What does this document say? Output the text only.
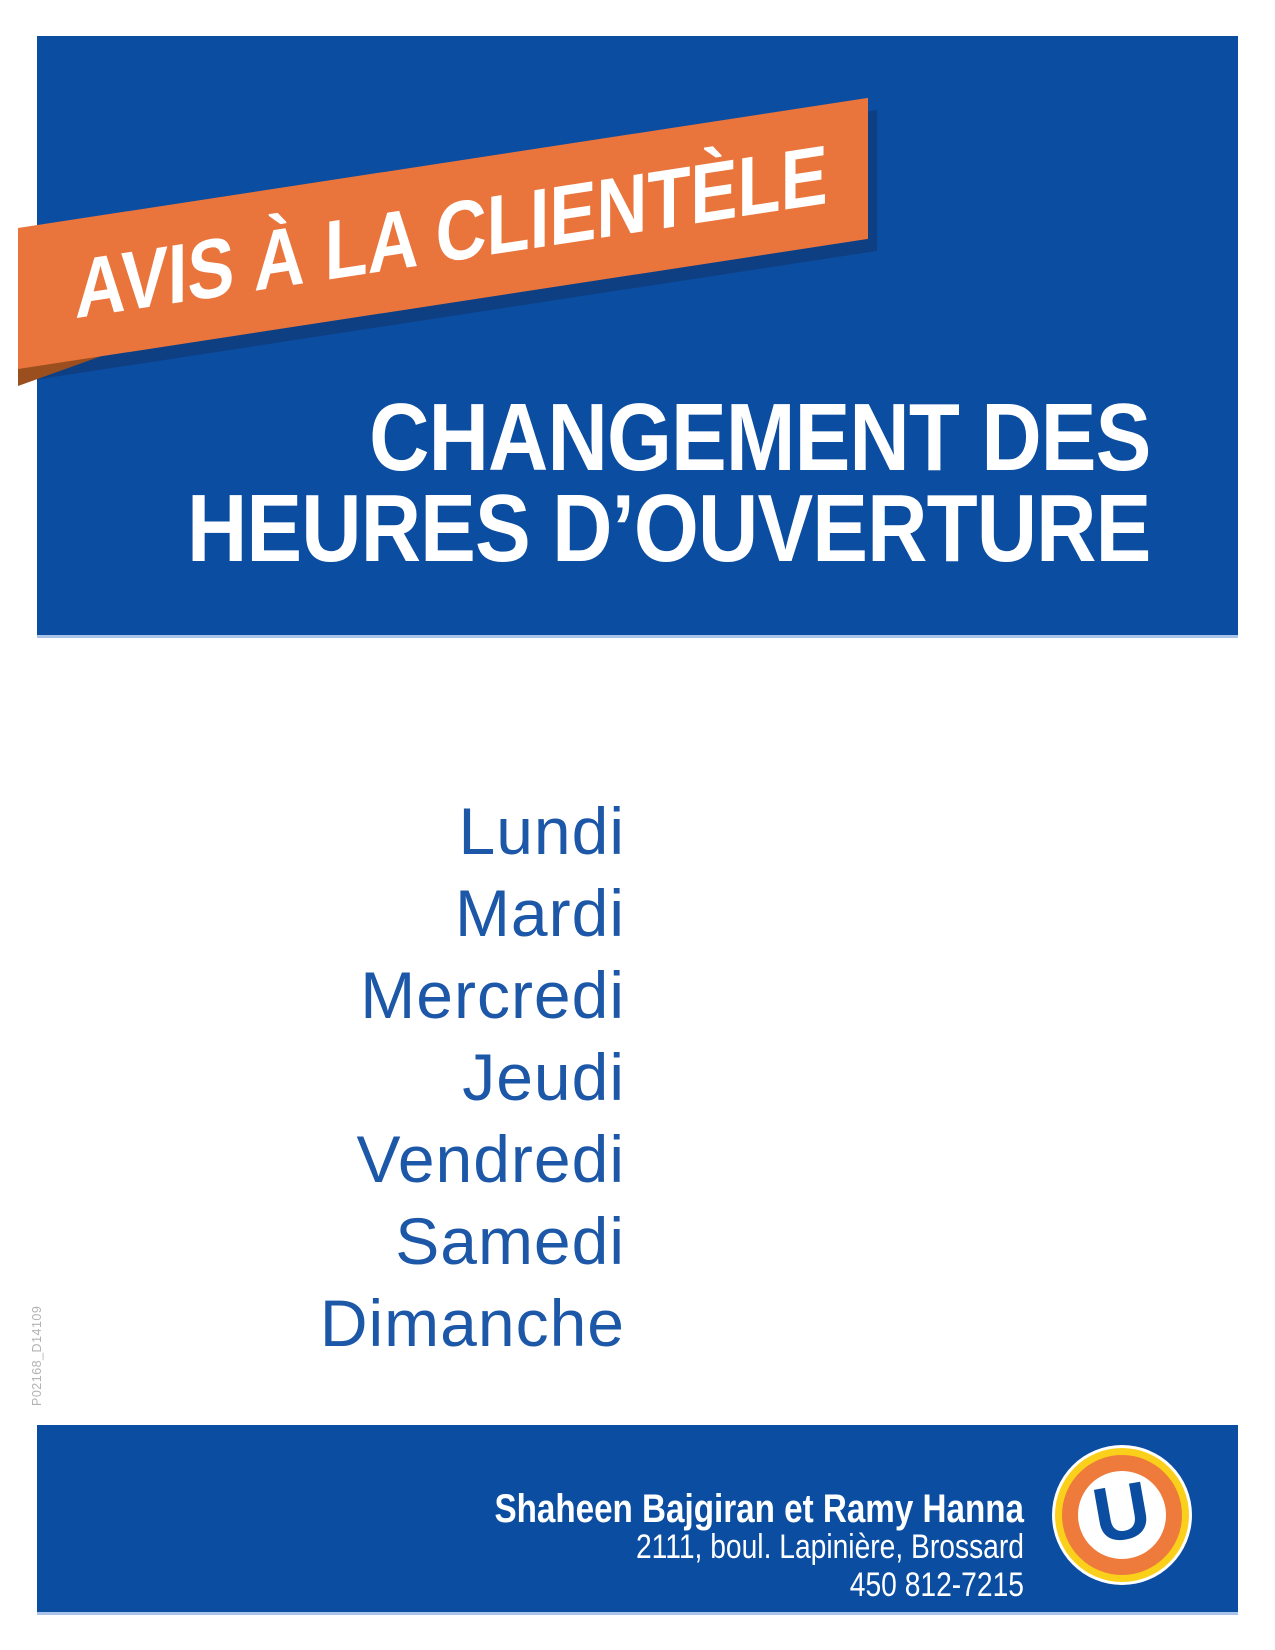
CHANGEMENT DES
HEURES D’OUVERTURE
AVIS À LA CLIENTÈLE
Lundi
Mardi
Mercredi
Jeudi
Vendredi
Samedi
Dimanche
P02168_D14109
Shaheen Bajgiran et Ramy Hanna
2111, boul. Lapinière, Brossard
450 812-7215
U
